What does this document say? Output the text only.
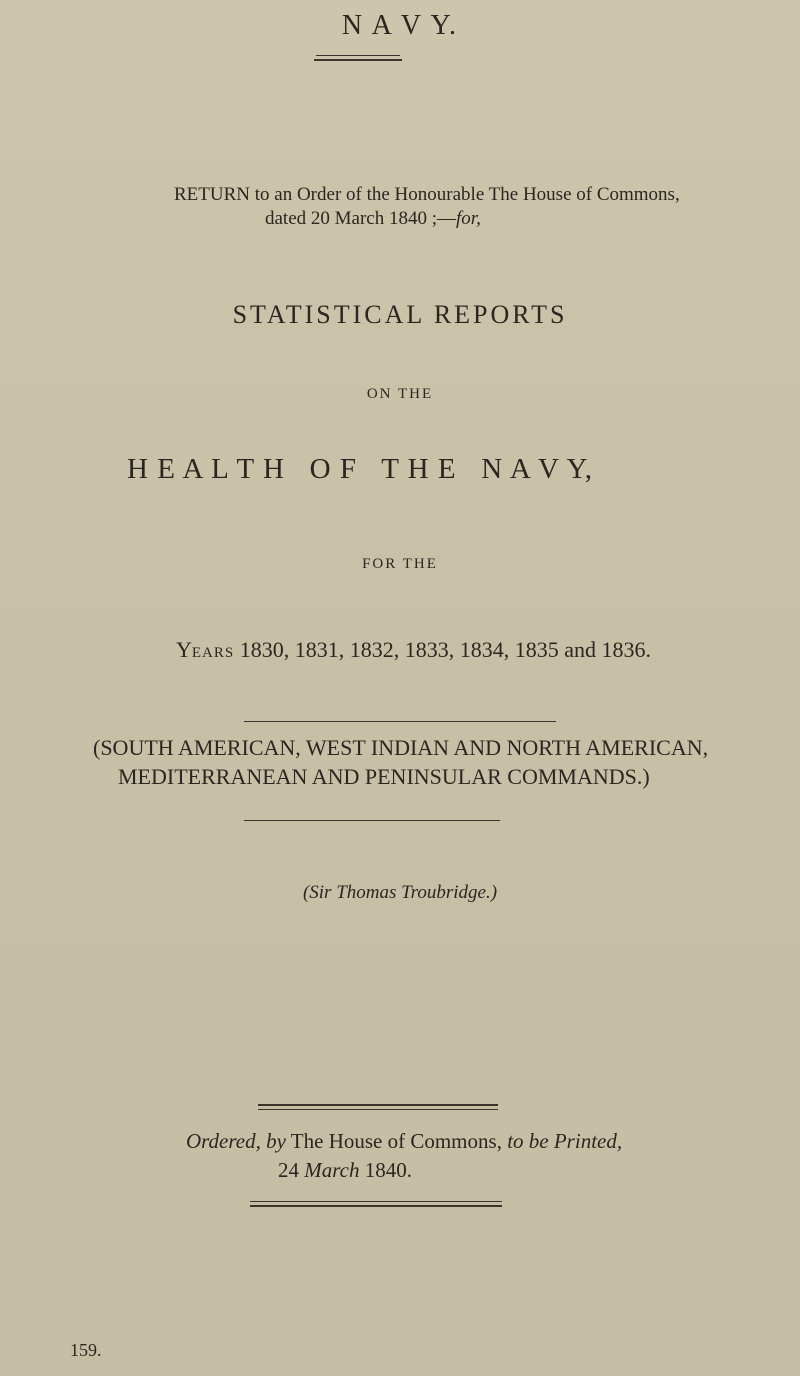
N A V Y.
RETURN to an Order of the Honourable The House of Commons,
dated 20 March 1840 ;—for,
STATISTICAL REPORTS
ON THE
H E A L T H   O F   T H E   N A V Y,
FOR THE
YEARS 1830, 1831, 1832, 1833, 1834, 1835 and 1836.
(SOUTH AMERICAN, WEST INDIAN AND NORTH AMERICAN,
MEDITERRANEAN AND PENINSULAR COMMANDS.)
(Sir Thomas Troubridge.)
Ordered, by The House of Commons, to be Printed,
24 March 1840.
159.
